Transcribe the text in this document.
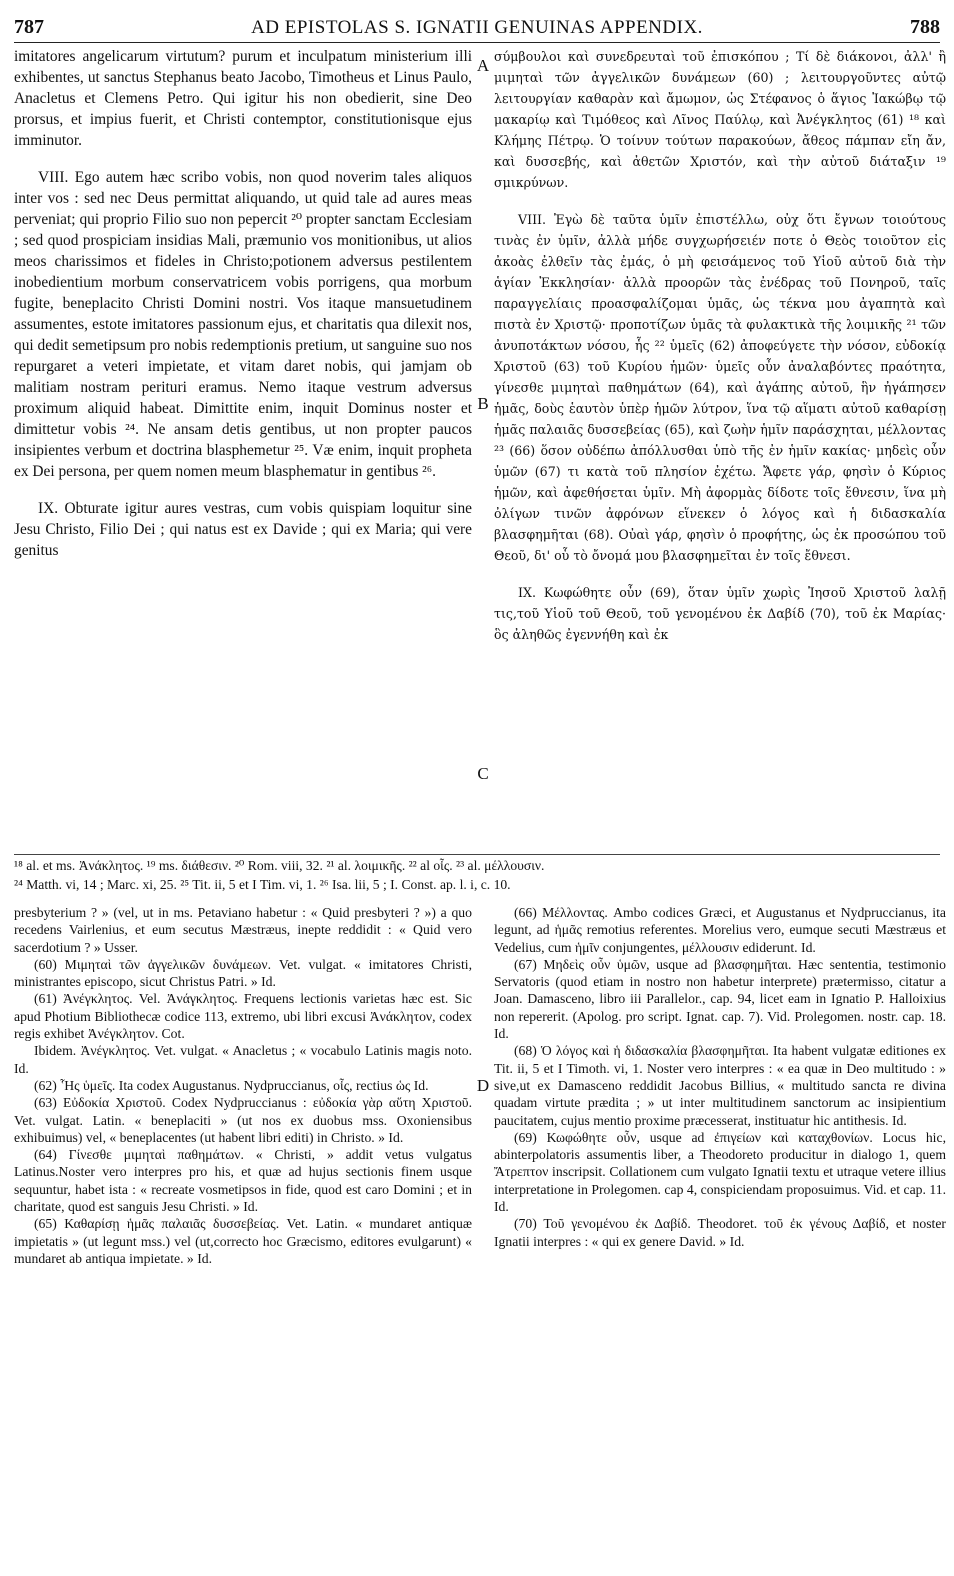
787	AD EPISTOLAS S. IGNATII GENUINAS APPENDIX.	788

imitatores angelicarum virtutum? purum et inculpatum ministerium illi exhibentes, ut sanctus Stephanus beato Jacobo, Timotheus et Linus Paulo, Anacletus et Clemens Petro. Qui igitur his non obedierit, sine Deo prorsus, et impius fuerit, et Christi contemptor, constitutionisque ejus imminutor.

VIII. Ego autem hæc scribo vobis, non quod noverim tales aliquos inter vos : sed nec Deus permittat aliquando, ut quid tale ad aures meas perveniat; qui proprio Filio suo non pepercit ²⁰ propter sanctam Ecclesiam ; sed quod prospiciam insidias Mali, præmunio vos monitionibus, ut alios meos charissimos et fideles in Christo;potionem adversus pestilentem inobedientium morbum conservatricem vobis porrigens, qua morbum fugite, beneplacito Christi Domini nostri. Vos itaque mansuetudinem assumentes, estote imitatores passionum ejus, et charitatis qua dilexit nos, qui dedit semetipsum pro nobis redemptionis pretium, ut sanguine suo nos repurgaret a veteri impietate, et vitam daret nobis, qui jamjam ob malitiam nostram perituri eramus. Nemo itaque vestrum adversus proximum aliquid habeat. Dimittite enim, inquit Dominus noster et dimittetur vobis ²⁴. Ne ansam detis gentibus, ut non propter paucos insipientes verbum et doctrina blasphemetur ²⁵. Væ enim, inquit propheta ex Dei persona, per quem nomen meum blasphematur in gentibus ²⁶.

IX. Obturate igitur aures vestras, cum vobis quispiam loquitur sine Jesu Christo, Filio Dei ; qui natus est ex Davide ; qui ex Maria; qui vere genitus

A
B
C
D

σύμβουλοι καὶ συνεδρευταὶ τοῦ ἐπισκόπου ; Τί δὲ διάκονοι, ἀλλ' ἢ μιμηταὶ τῶν ἀγγελικῶν δυνάμεων (60) ; λειτουργοῦντες αὐτῷ λειτουργίαν καθαρὰν καὶ ἄμωμον, ὡς Στέφανος ὁ ἅγιος Ἰακώβῳ τῷ μακαρίῳ καὶ Τιμόθεος καὶ Λῖνος Παύλῳ, καὶ Ἀνέγκλητος (61) ¹⁸ καὶ Κλήμης Πέτρῳ. Ὁ τοίνυν τούτων παρακούων, ἄθεος πάμπαν εἴη ἄν, καὶ δυσσεβής, καὶ ἀθετῶν Χριστόν, καὶ τὴν αὐτοῦ διάταξιν ¹⁹ σμικρύνων.

VIII. Ἐγὼ δὲ ταῦτα ὑμῖν ἐπιστέλλω, οὐχ ὅτι ἔγνων τοιούτους τινὰς ἐν ὑμῖν, ἀλλὰ μήδε συγχωρήσειέν ποτε ὁ Θεὸς τοιοῦτον εἰς ἀκοὰς ἐλθεῖν τὰς ἐμάς, ὁ μὴ φεισάμενος τοῦ Υἱοῦ αὐτοῦ διὰ τὴν ἁγίαν Ἐκκλησίαν· ἀλλὰ προορῶν τὰς ἐνέδρας τοῦ Πονηροῦ, ταῖς παραγγελίαις προασφαλίζομαι ὑμᾶς, ὡς τέκνα μου ἀγαπητὰ καὶ πιστὰ ἐν Χριστῷ· προποτίζων ὑμᾶς τὰ φυλακτικὰ τῆς λοιμικῆς ²¹ τῶν ἀνυποτάκτων νόσου, ἧς ²² ὑμεῖς (62) ἀποφεύγετε τὴν νόσον, εὐδοκίᾳ Χριστοῦ (63) τοῦ Κυρίου ἡμῶν· ὑμεῖς οὖν ἀναλαβόντες πραότητα, γίνεσθε μιμηταὶ παθημάτων (64), καὶ ἀγάπης αὐτοῦ, ἣν ἠγάπησεν ἡμᾶς, δοὺς ἑαυτὸν ὑπὲρ ἡμῶν λύτρον, ἵνα τῷ αἵματι αὐτοῦ καθαρίσῃ ἡμᾶς παλαιᾶς δυσσεβείας (65), καὶ ζωὴν ἡμῖν παράσχηται, μέλλοντας ²³ (66) ὅσον οὐδέπω ἀπόλλυσθαι ὑπὸ τῆς ἐν ἡμῖν κακίας· μηδεὶς οὖν ὑμῶν (67) τι κατὰ τοῦ πλησίον ἐχέτω. Ἄφετε γάρ, φησὶν ὁ Κύριος ἡμῶν, καὶ ἀφεθήσεται ὑμῖν. Μὴ ἀφορμὰς δίδοτε τοῖς ἔθνεσιν, ἵνα μὴ ὀλίγων τινῶν ἀφρόνων εἵνεκεν ὁ λόγος καὶ ἡ διδασκαλία βλασφημῆται (68). Οὐαὶ γάρ, φησὶν ὁ προφήτης, ὡς ἐκ προσώπου τοῦ Θεοῦ, δι' οὗ τὸ ὄνομά μου βλασφημεῖται ἐν τοῖς ἔθνεσι.

IX. Κωφώθητε οὖν (69), ὅταν ὑμῖν χωρὶς Ἰησοῦ Χριστοῦ λαλῇ τις,τοῦ Υἱοῦ τοῦ Θεοῦ, τοῦ γενομένου ἐκ Δαβίδ (70), τοῦ ἐκ Μαρίας· ὃς ἀληθῶς ἐγεννήθη καὶ ἐκ

¹⁸ al. et ms. Ἀνάκλητος. ¹⁹ ms. διάθεσιν. ²⁰ Rom. viii, 32. ²¹ al. λοιμικῆς. ²² al οἷς. ²³ al. μέλλουσιν.

²⁴ Matth. vi, 14 ; Marc. xi, 25. ²⁵ Tit. ii, 5 et I Tim. vi, 1. ²⁶ Isa. lii, 5 ; I. Const. ap. l. i, c. 10.

presbyterium ? » (vel, ut in ms. Petaviano habetur : « Quid presbyteri ? ») a quo recedens Vairlenius, et eum secutus Mæstræus, inepte reddidit : « Quid vero sacerdotium ? » Usser.

(60) Μιμηταὶ τῶν ἀγγελικῶν δυνάμεων. Vet. vulgat. « imitatores Christi, ministrantes episcopo, sicut Christus Patri. » Id.

(61) Ἀνέγκλητος. Vel. Ἀνάγκλητος. Frequens lectionis varietas hæc est. Sic apud Photium Bibliothecæ codice 113, extremo, ubi libri excusi Ἀνάκλητον, codex regis exhibet Ἀνέγκλητον. Cot.

Ibidem. Ἀνέγκλητος. Vet. vulgat. « Anacletus ; « vocabulo Latinis magis noto. Id.

(62) Ἧς ὑμεῖς. Ita codex Augustanus. Nydpruccianus, οἷς, rectius ὡς Id.

(63) Εὐδοκία Χριστοῦ. Codex Nydpruccianus : εὐδοκία γὰρ αὕτη Χριστοῦ. Vet. vulgat. Latin. « beneplaciti » (ut nos ex duobus mss. Oxoniensibus exhibuimus) vel, « beneplacentes (ut habent libri editi) in Christo. » Id.

(64) Γίνεσθε μιμηταὶ παθημάτων. « Christi, » addit vetus vulgatus Latinus.Noster vero interpres pro his, et quæ ad hujus sectionis finem usque sequuntur, habet ista : « recreate vosmetipsos in fide, quod est caro Domini ; et in charitate, quod est sanguis Jesu Christi. » Id.

(65) Καθαρίσῃ ἡμᾶς παλαιᾶς δυσσεβείας. Vet. Latin. « mundaret antiquæ impietatis » (ut legunt mss.) vel (ut,correcto hoc Græcismo, editores evulgarunt) « mundaret ab antiqua impietate. » Id.

(66) Μέλλοντας. Ambo codices Græci, et Augustanus et Nydpruccianus, ita legunt, ad ἡμᾶς remotius referentes. Morelius vero, eumque secuti Mæstræus et Vedelius, cum ἡμῖν conjungentes, μέλλουσιν ediderunt. Id.

(67) Μηδεὶς οὖν ὑμῶν, usque ad βλασφημῆται. Hæc sententia, testimonio Servatoris (quod etiam in nostro non habetur interprete) prætermisso, citatur a Joan. Damasceno, libro iii Parallelor., cap. 94, licet eam in Ignatio P. Halloixius non repererit. (Apolog. pro script. Ignat. cap. 7). Vid. Prolegomen. nostr. cap. 18. Id.

(68) Ὁ λόγος καὶ ἡ διδασκαλία βλασφημῆται. Ita habent vulgatæ editiones ex Tit. ii, 5 et I Timoth. vi, 1. Noster vero interpres : « ea quæ in Deo multitudo : » sive,ut ex Damasceno reddidit Jacobus Billius, « multitudo sancta re divina quadam virtute prædita ; » ut inter multitudinem sanctorum ac insipientium paucitatem, cujus mentio proxime præcesserat, instituatur hic antithesis. Id.

(69) Κωφώθητε οὖν, usque ad ἐπιγείων καὶ καταχθονίων. Locus hic, abinterpolatoris assumentis liber, a Theodoreto producitur in dialogo 1, quem Ἄτρεπτον inscripsit. Collationem cum vulgato Ignatii textu et utraque vetere illius interpretatione in Prolegomen. cap 4, conspiciendam proposuimus. Vid. et cap. 11. Id.

(70) Τοῦ γενομένου ἐκ Δαβίδ. Theodoret. τοῦ ἐκ γένους Δαβίδ, et noster Ignatii interpres : « qui ex genere David. » Id.
